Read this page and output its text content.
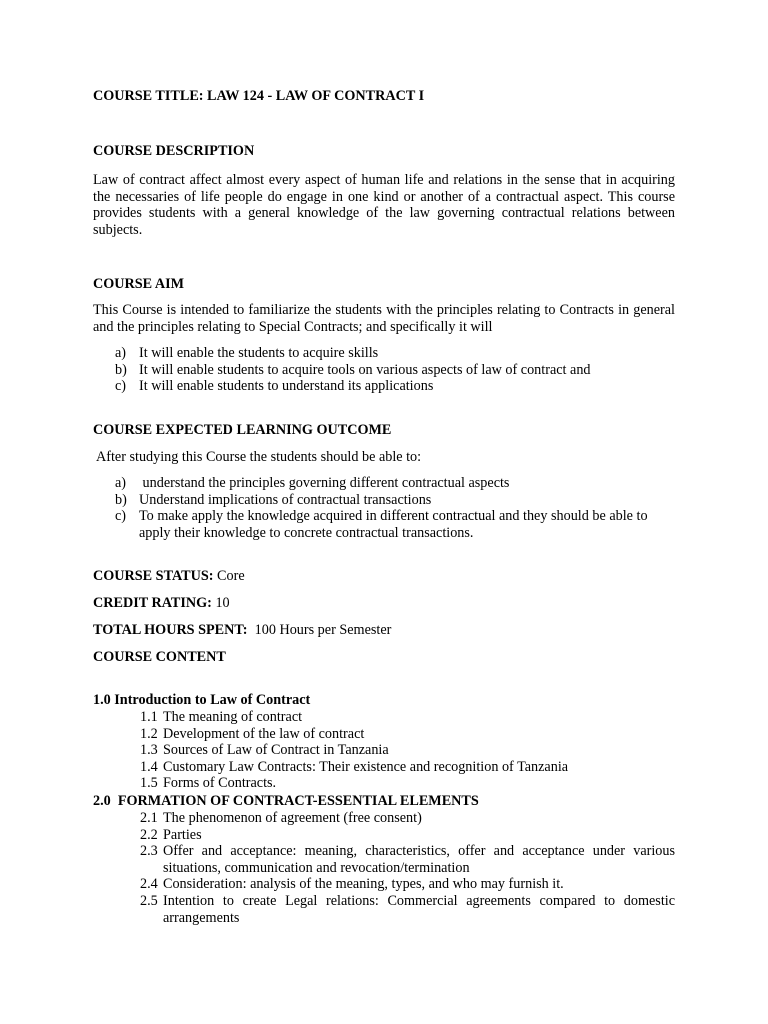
COURSE TITLE: LAW 124 - LAW OF CONTRACT I
COURSE DESCRIPTION
Law of contract affect almost every aspect of human life and relations in the sense that in acquiring the necessaries of life people do engage in one kind or another of a contractual aspect. This course provides students with a general knowledge of the law governing contractual relations between subjects.
COURSE AIM
This Course is intended to familiarize the students with the principles relating to Contracts in general and the principles relating to Special Contracts; and specifically it will
a) It will enable the students to acquire skills
b) It will enable students to acquire tools on various aspects of law of contract and
c) It will enable students to understand its applications
COURSE EXPECTED LEARNING OUTCOME
After studying this Course the students should be able to:
a) understand the principles governing different contractual aspects
b) Understand implications of contractual transactions
c) To make apply the knowledge acquired in different contractual and they should be able to apply their knowledge to concrete contractual transactions.
COURSE STATUS: Core
CREDIT RATING: 10
TOTAL HOURS SPENT:  100 Hours per Semester
COURSE CONTENT
1.0 Introduction to Law of Contract
1.1 The meaning of contract
1.2 Development of the law of contract
1.3 Sources of Law of Contract in Tanzania
1.4 Customary Law Contracts: Their existence and recognition of Tanzania
1.5 Forms of Contracts.
2.0  FORMATION OF CONTRACT-ESSENTIAL ELEMENTS
2.1 The phenomenon of agreement (free consent)
2.2 Parties
2.3 Offer and acceptance: meaning, characteristics, offer and acceptance under various situations, communication and revocation/termination
2.4 Consideration: analysis of the meaning, types, and who may furnish it.
2.5 Intention to create Legal relations: Commercial agreements compared to domestic arrangements
